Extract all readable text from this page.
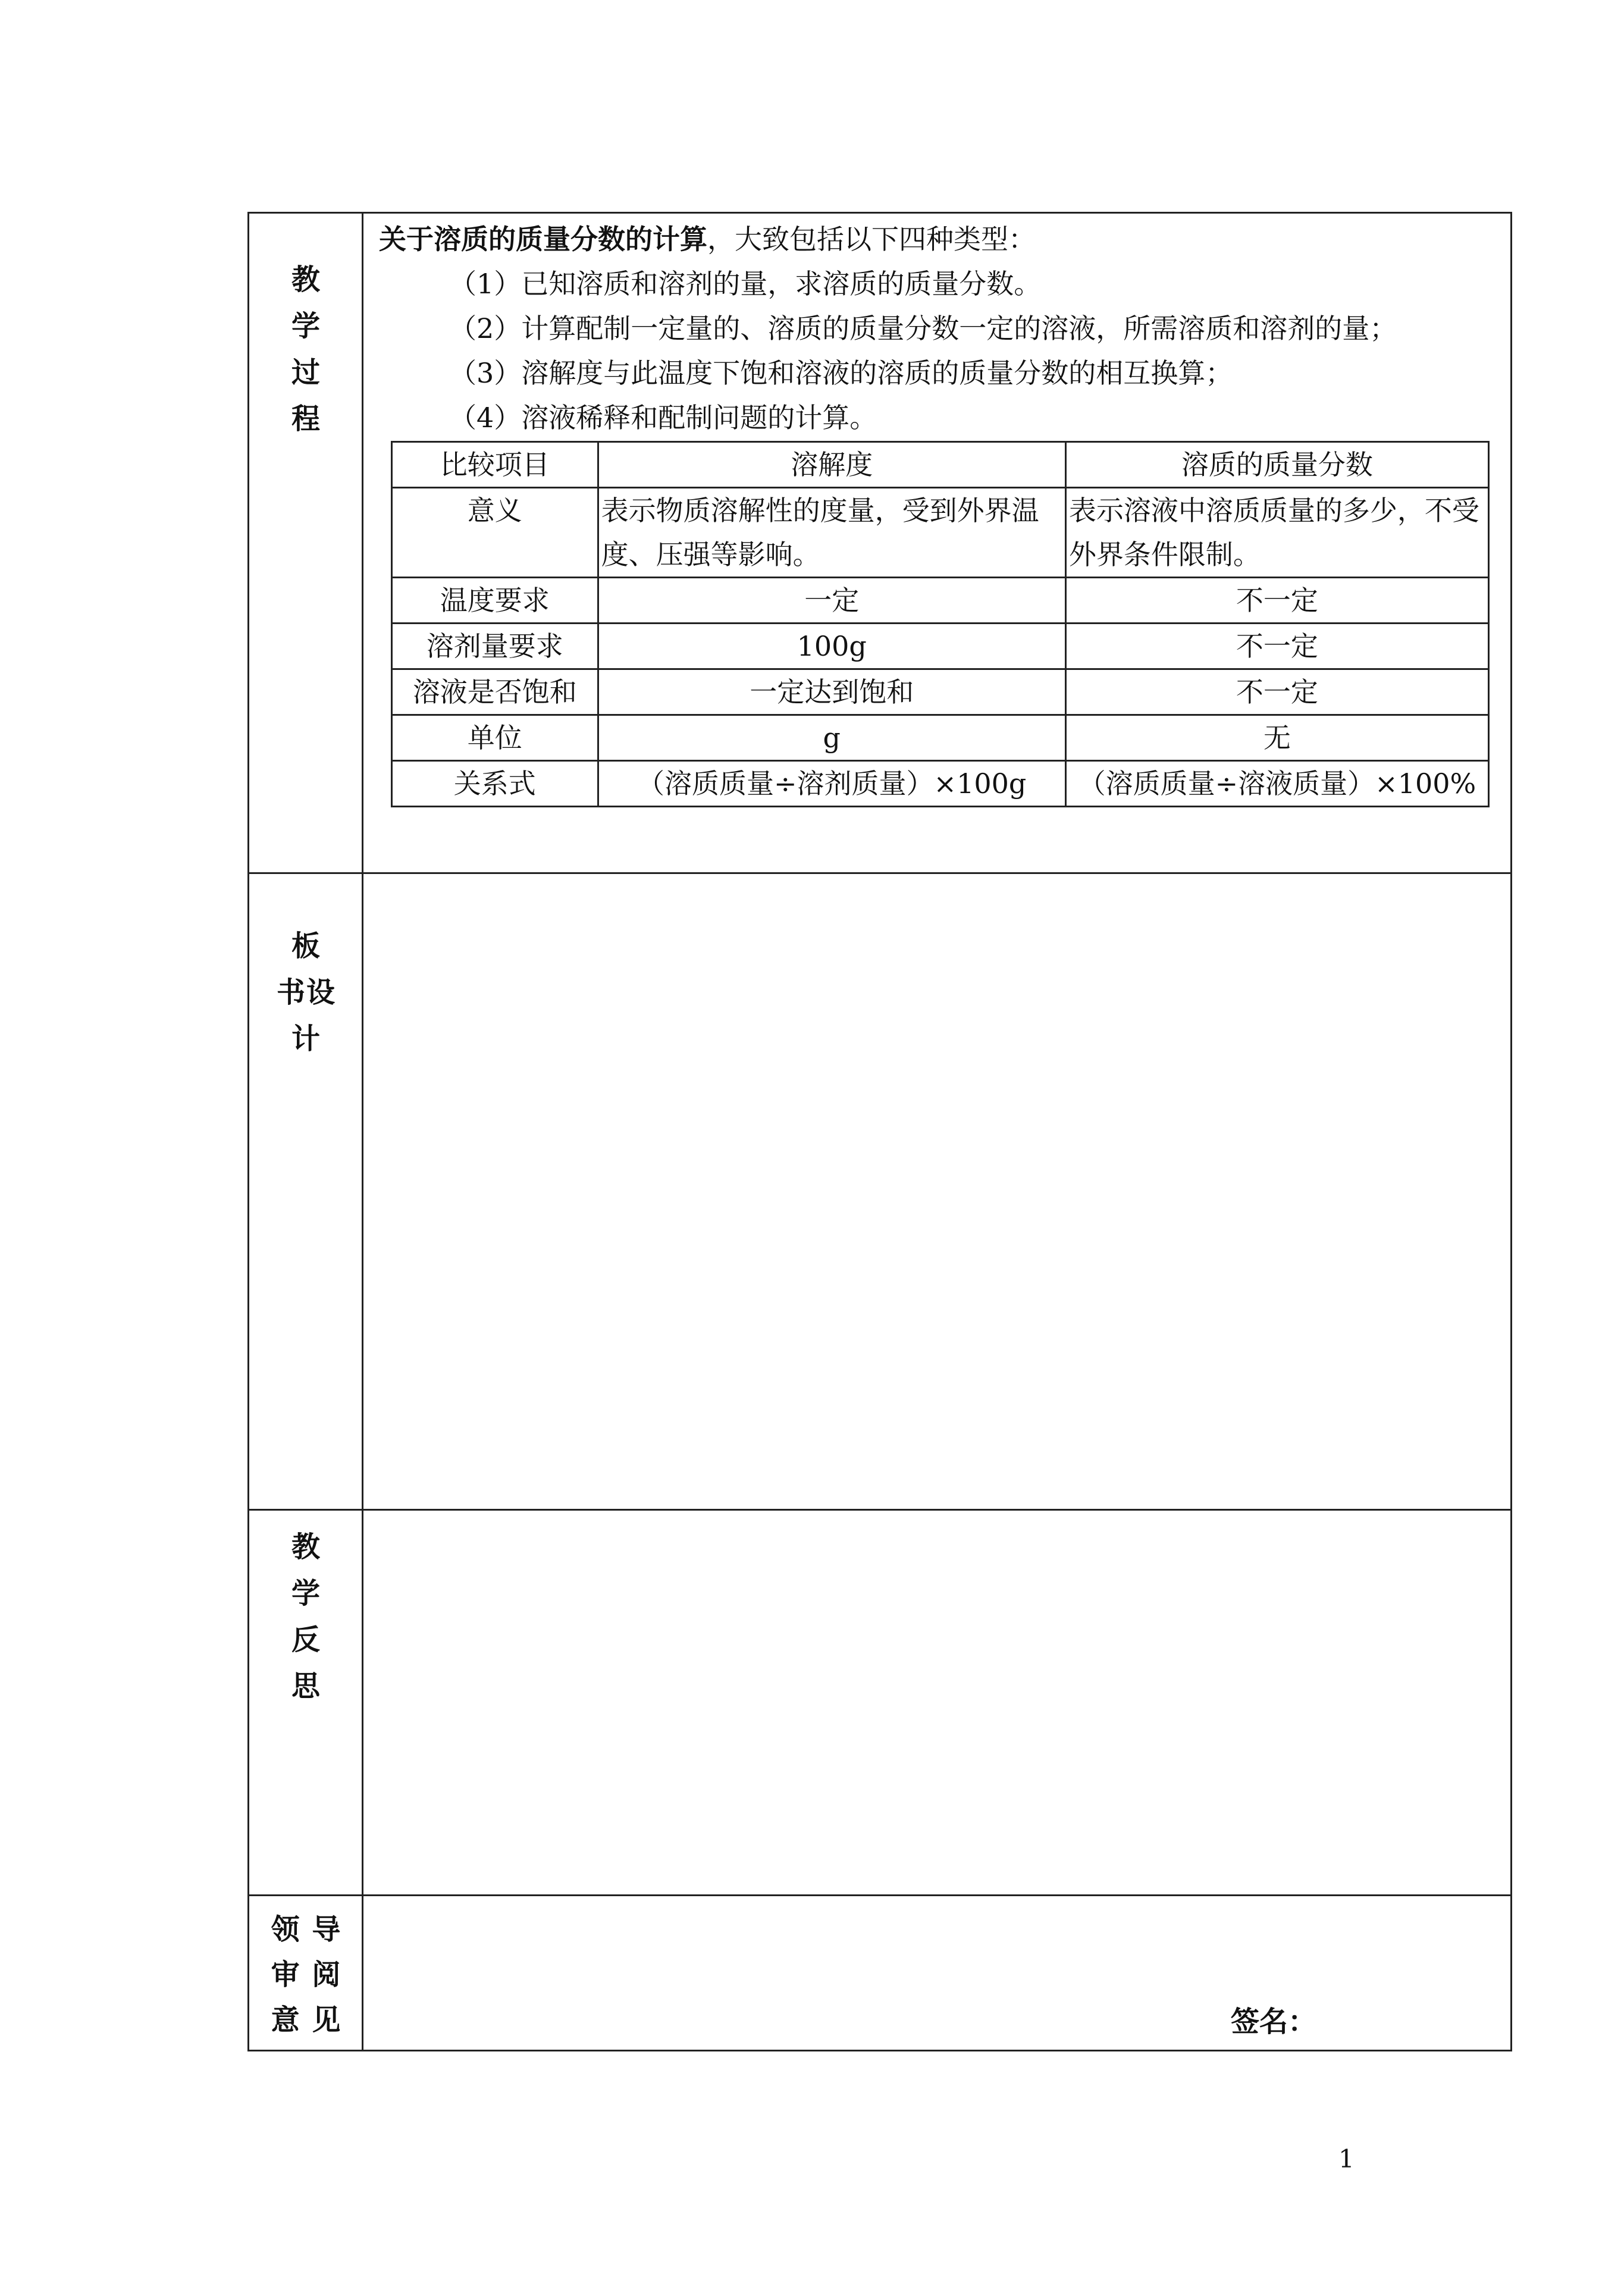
教
学
过
程
关于溶质的质量分数的计算，大致包括以下四种类型：
（1）已知溶质和溶剂的量，求溶质的质量分数。
（2）计算配制一定量的、溶质的质量分数一定的溶液，所需溶质和溶剂的量；
（3）溶解度与此温度下饱和溶液的溶质的质量分数的相互换算；
（4）溶液稀释和配制问题的计算。
比较项目	溶解度	溶质的质量分数
意义	表示物质溶解性的度量，受到外界温度、压强等影响。	表示溶液中溶质质量的多少，不受外界条件限制。
温度要求	一定	不一定
溶剂量要求	100g	不一定
溶液是否饱和	一定达到饱和	不一定
单位	g	无
关系式	（溶质质量÷溶剂质量）×100g	（溶质质量÷溶液质量）×100%
板
书设
计
教
学
反
思
领 导
审 阅
意 见	签名：
1
